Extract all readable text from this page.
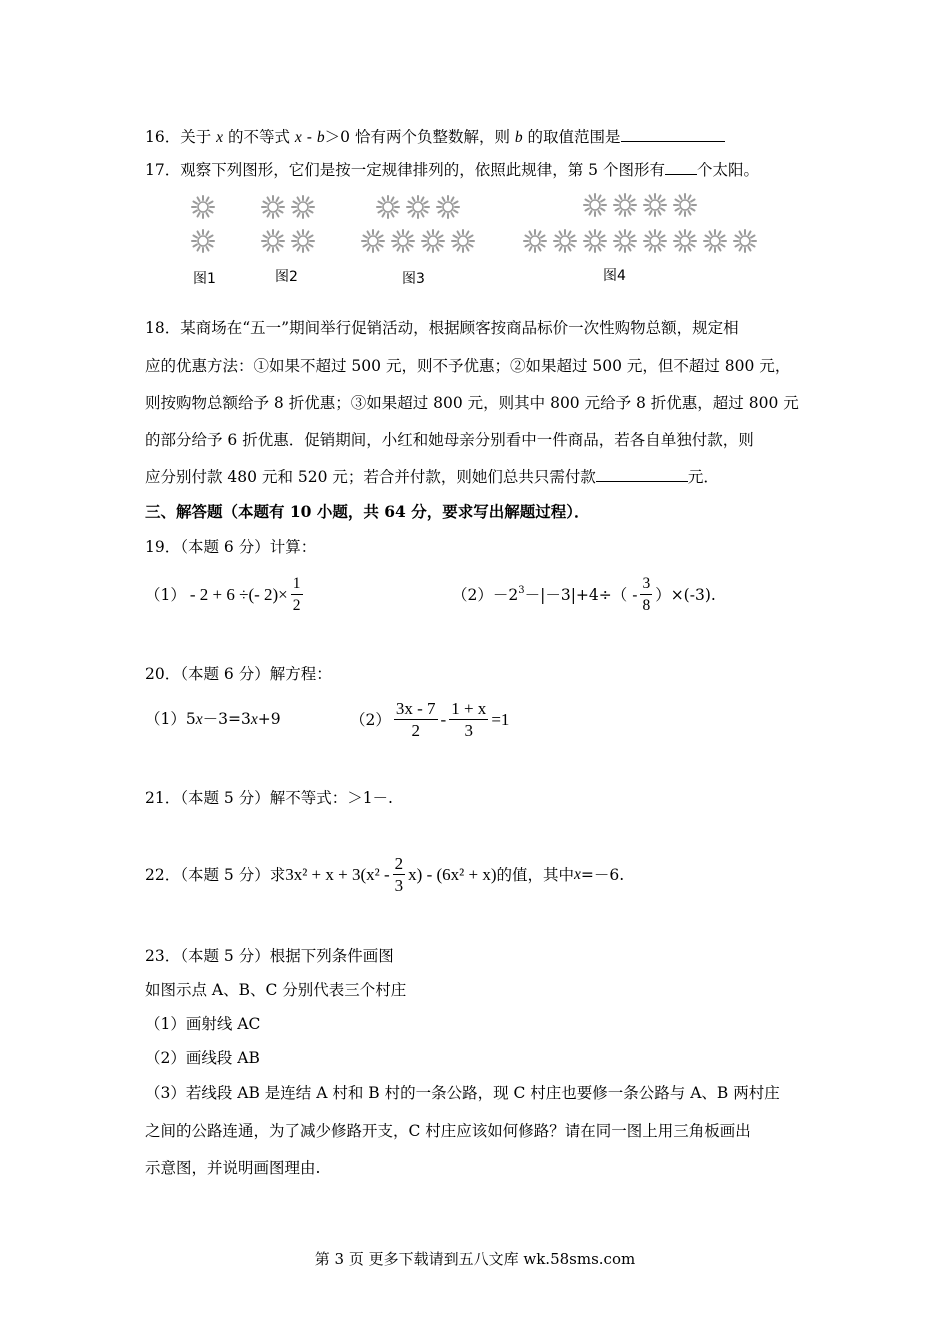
16．关于 x 的不等式 x - b＞0 恰有两个负整数解，则 b 的取值范围是
17．观察下列图形，它们是按一定规律排列的，依照此规律，第 5 个图形有 个太阳。
图1	图2	图3	图4
18．某商场在“五一”期间举行促销活动，根据顾客按商品标价一次性购物总额，规定相
应的优惠方法：①如果不超过 500 元，则不予优惠；②如果超过 500 元，但不超过 800 元，
则按购物总额给予 8 折优惠；③如果超过 800 元，则其中 800 元给予 8 折优惠，超过 800 元
的部分给予 6 折优惠．促销期间，小红和她母亲分别看中一件商品，若各自单独付款，则
应分别付款 480 元和 520 元；若合并付款，则她们总共只需付款	元．
三、解答题（本题有 10 小题，共 64 分，要求写出解题过程）．
19．（本题 6 分）计算：
（1） - 2 + 6 ÷(- $2)\times \frac{1}{2}$	$(2) -2^3 -|-3|+4\div( - \frac{3}{8} )\times(-3)$.
20．（本题 6 分）解方程：
（1）5x－3=3x+9	$(2) \frac{3x - 7}{2} - \frac{1 + x}{3} =1$
21．（本题 5 分）解不等式：＞1－.
22．（本题 5 分）求 $3x^2 + x + 3(x^2 - \frac{2}{3} x) - (6x^2 + x)$ 的值，其中 x =－6.
23．（本题 5 分）根据下列条件画图
如图示点 A、B、C 分别代表三个村庄
（1）画射线 AC
（2）画线段 AB
（3）若线段 AB 是连结 A 村和 B 村的一条公路，现 C 村庄也要修一条公路与 A、B 两村庄
之间的公路连通，为了减少修路开支，C 村庄应该如何修路？请在同一图上用三角板画出
示意图，并说明画图理由.
第 3 页 更多下载请到五八文库 wk.58sms.com
